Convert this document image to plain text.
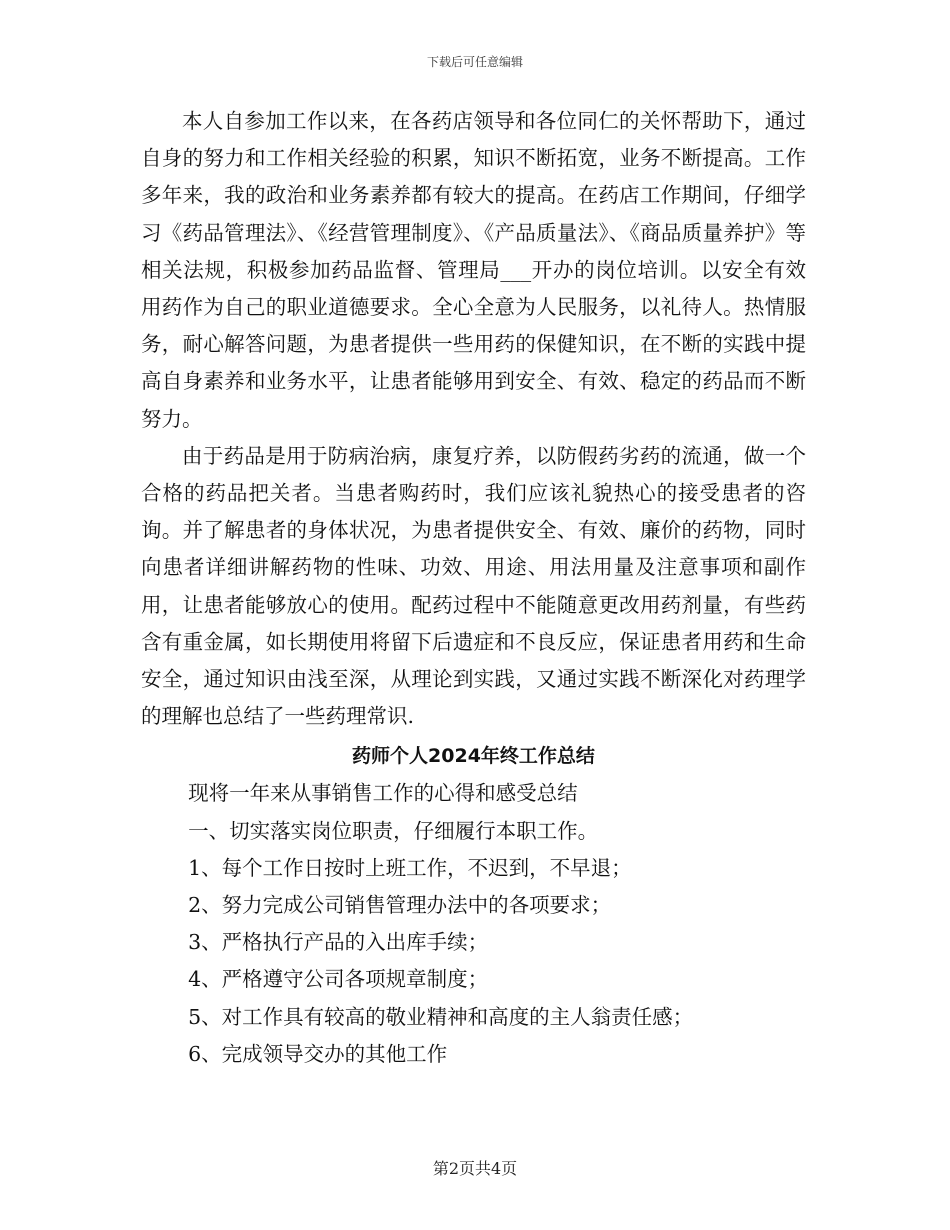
下载后可任意编辑

本人自参加工作以来，在各药店领导和各位同仁的关怀帮助下，通过自身的努力和工作相关经验的积累，知识不断拓宽，业务不断提高。工作多年来，我的政治和业务素养都有较大的提高。在药店工作期间，仔细学习《药品管理法》、《经营管理制度》、《产品质量法》、《商品质量养护》等相关法规，积极参加药品监督、管理局___开办的岗位培训。以安全有效用药作为自己的职业道德要求。全心全意为人民服务，以礼待人。热情服务，耐心解答问题，为患者提供一些用药的保健知识，在不断的实践中提高自身素养和业务水平，让患者能够用到安全、有效、稳定的药品而不断努力。

由于药品是用于防病治病，康复疗养，以防假药劣药的流通，做一个合格的药品把关者。当患者购药时，我们应该礼貌热心的接受患者的咨询。并了解患者的身体状况，为患者提供安全、有效、廉价的药物，同时向患者详细讲解药物的性味、功效、用途、用法用量及注意事项和副作用，让患者能够放心的使用。配药过程中不能随意更改用药剂量，有些药含有重金属，如长期使用将留下后遗症和不良反应，保证患者用药和生命安全，通过知识由浅至深，从理论到实践，又通过实践不断深化对药理学的理解也总结了一些药理常识.

药师个人2024年终工作总结

现将一年来从事销售工作的心得和感受总结

一、切实落实岗位职责，仔细履行本职工作。

1、每个工作日按时上班工作，不迟到，不早退；

2、努力完成公司销售管理办法中的各项要求；

3、严格执行产品的入出库手续；

4、严格遵守公司各项规章制度；

5、对工作具有较高的敬业精神和高度的主人翁责任感；

6、完成领导交办的其他工作

第2页共4页
